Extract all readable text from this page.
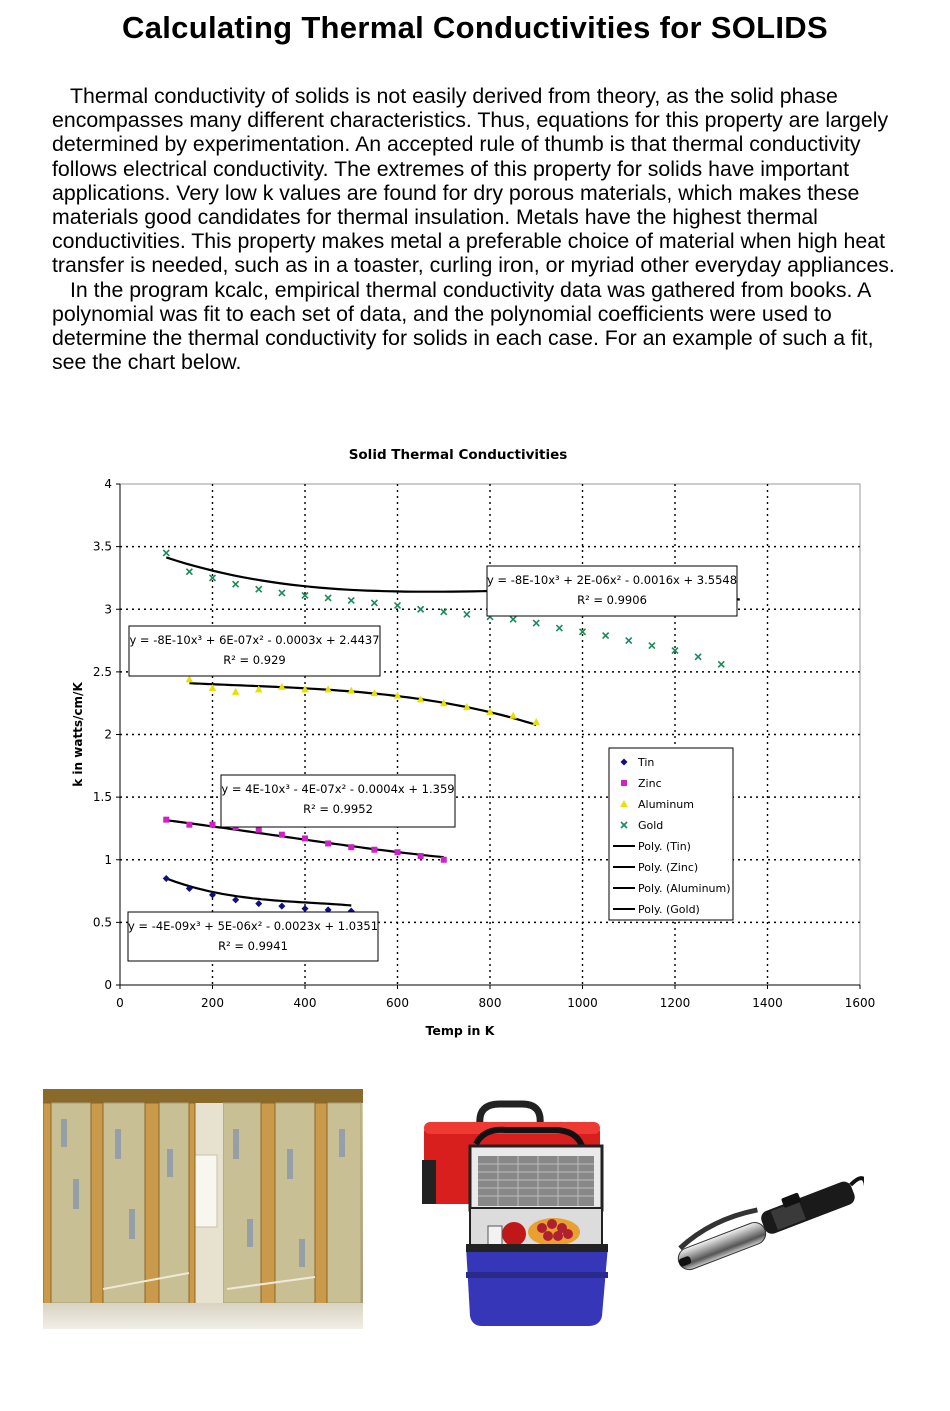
Calculating Thermal Conductivities for SOLIDS

Thermal conductivity of solids is not easily derived from theory, as the solid phase encompasses many different characteristics. Thus, equations for this property are largely determined by experimentation. An accepted rule of thumb is that thermal conductivity follows electrical conductivity. The extremes of this property for solids have important applications. Very low k values are found for dry porous materials, which makes these materials good candidates for thermal insulation. Metals have the highest thermal conductivities. This property makes metal a preferable choice of material when high heat transfer is needed, such as in a toaster, curling iron, or myriad other everyday appliances.

In the program kcalc, empirical thermal conductivity data was gathered from books. A polynomial was fit to each set of data, and the polynomial coefficients were used to determine the thermal conductivity for solids in each case. For an example of such a fit, see the chart below.

0	200	400	600	800	1000	1200	1400	1600
0
0.5
1
1.5
2
2.5
3
3.5
4
Solid Thermal Conductivities
Temp in K
k in watts/cm/K
y = -8E-10x³ + 2E-06x² - 0.0016x + 3.5548
R² = 0.9906
y = -8E-10x³ + 6E-07x² - 0.0003x + 2.4437
R² = 0.929
y = 4E-10x³ - 4E-07x² - 0.0004x + 1.359
R² = 0.9952
y = -4E-09x³ + 5E-06x² - 0.0023x + 1.0351
R² = 0.9941
Tin
Zinc
Aluminum
Gold
Poly. (Tin)
Poly. (Zinc)
Poly. (Aluminum)
Poly. (Gold)
